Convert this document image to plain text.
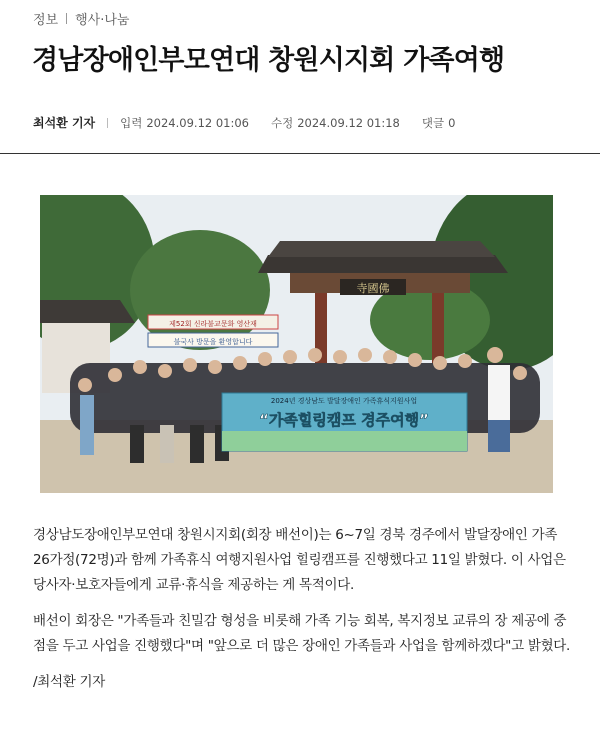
정보 행사·나눔
경남장애인부모연대 창원시지회 가족여행
최석환 기자 입력 2024.09.12 01:06 수정 2024.09.12 01:18 댓글 0
寺國佛
제52회 신라불교문화 영산재
불국사 방문을 환영합니다
2024년 경상남도 발달장애인 가족휴식지원사업
“가족힐링캠프 경주여행”

경상남도장애인부모연대 창원시지회(회장 배선이)는 6~7일 경북 경주에서 발달장애인 가족 26가정(72명)과 함께 가족휴식 여행지원사업 힐링캠프를 진행했다고 11일 밝혔다. 이 사업은 당사자·보호자들에게 교류·휴식을 제공하는 게 목적이다.

배선이 회장은 "가족들과 친밀감 형성을 비롯해 가족 기능 회복, 복지정보 교류의 장 제공에 중점을 두고 사업을 진행했다"며 "앞으로 더 많은 장애인 가족들과 사업을 함께하겠다"고 밝혔다.

/최석환 기자
